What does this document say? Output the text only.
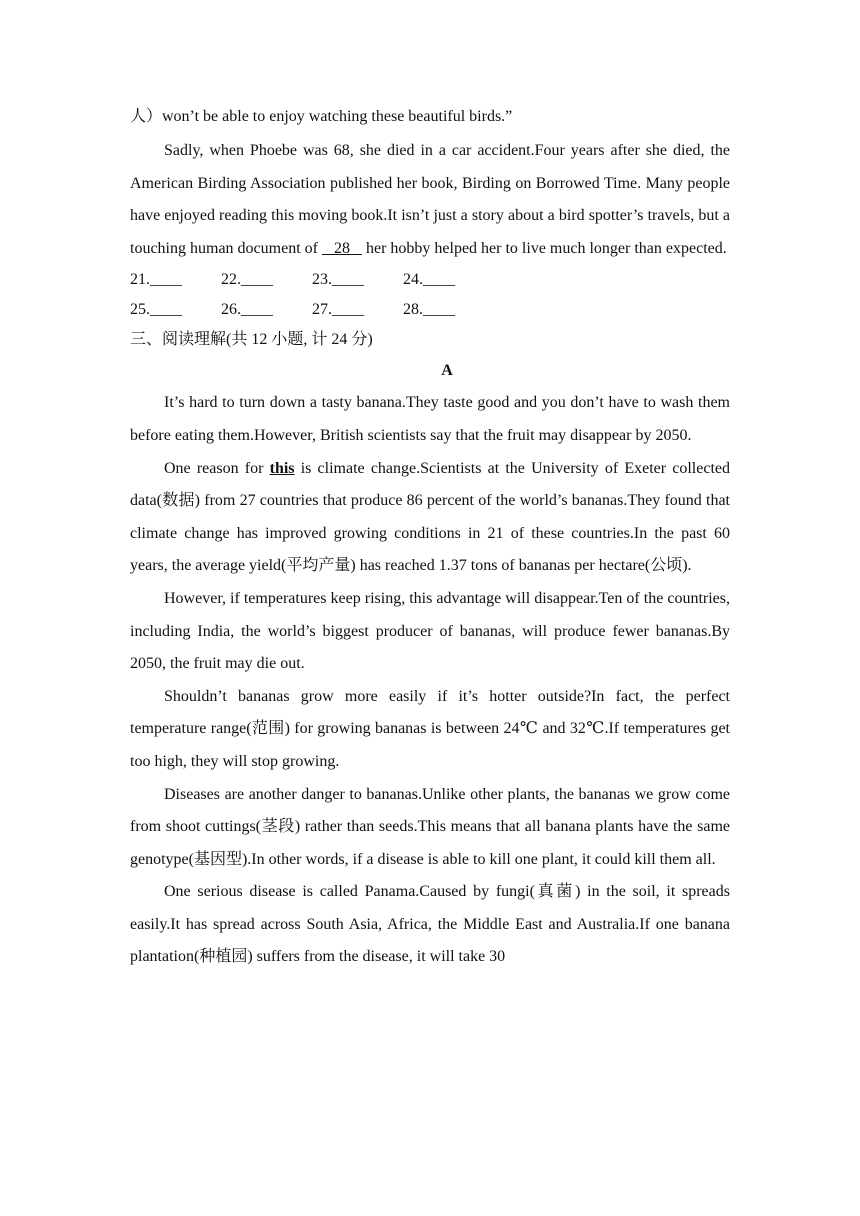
人）won’t be able to enjoy watching these beautiful birds.”

Sadly, when Phoebe was 68, she died in a car accident.Four years after she died, the American Birding Association published her book, Birding on Borrowed Time. Many people have enjoyed reading this moving book.It isn’t just a story about a bird spotter’s travels, but a touching human document of    28    her hobby helped her to live much longer than expected.

21.____	22.____	23.____	24.____
25.____	26.____	27.____	28.____
三、阅读理解(共 12 小题, 计 24 分)
A

It’s hard to turn down a tasty banana.They taste good and you don’t have to wash them before eating them.However, British scientists say that the fruit may disappear by 2050.

One reason for this is climate change.Scientists at the University of Exeter collected data(数据) from 27 countries that produce 86 percent of the world’s bananas.They found that climate change has improved growing conditions in 21 of these countries.In the past 60 years, the average yield(平均产量) has reached 1.37 tons of bananas per hectare(公顷).

However, if temperatures keep rising, this advantage will disappear.Ten of the countries, including India, the world’s biggest producer of bananas, will produce fewer bananas.By 2050, the fruit may die out.

Shouldn’t bananas grow more easily if it’s hotter outside?In fact, the perfect temperature range(范围) for growing bananas is between 24℃ and 32℃.If temperatures get too high, they will stop growing.

Diseases are another danger to bananas.Unlike other plants, the bananas we grow come from shoot cuttings(茎段) rather than seeds.This means that all banana plants have the same genotype(基因型).In other words, if a disease is able to kill one plant, it could kill them all.

One serious disease is called Panama.Caused by fungi(真菌) in the soil, it spreads easily.It has spread across South Asia, Africa, the Middle East and Australia.If one banana plantation(种植园) suffers from the disease, it will take 30
